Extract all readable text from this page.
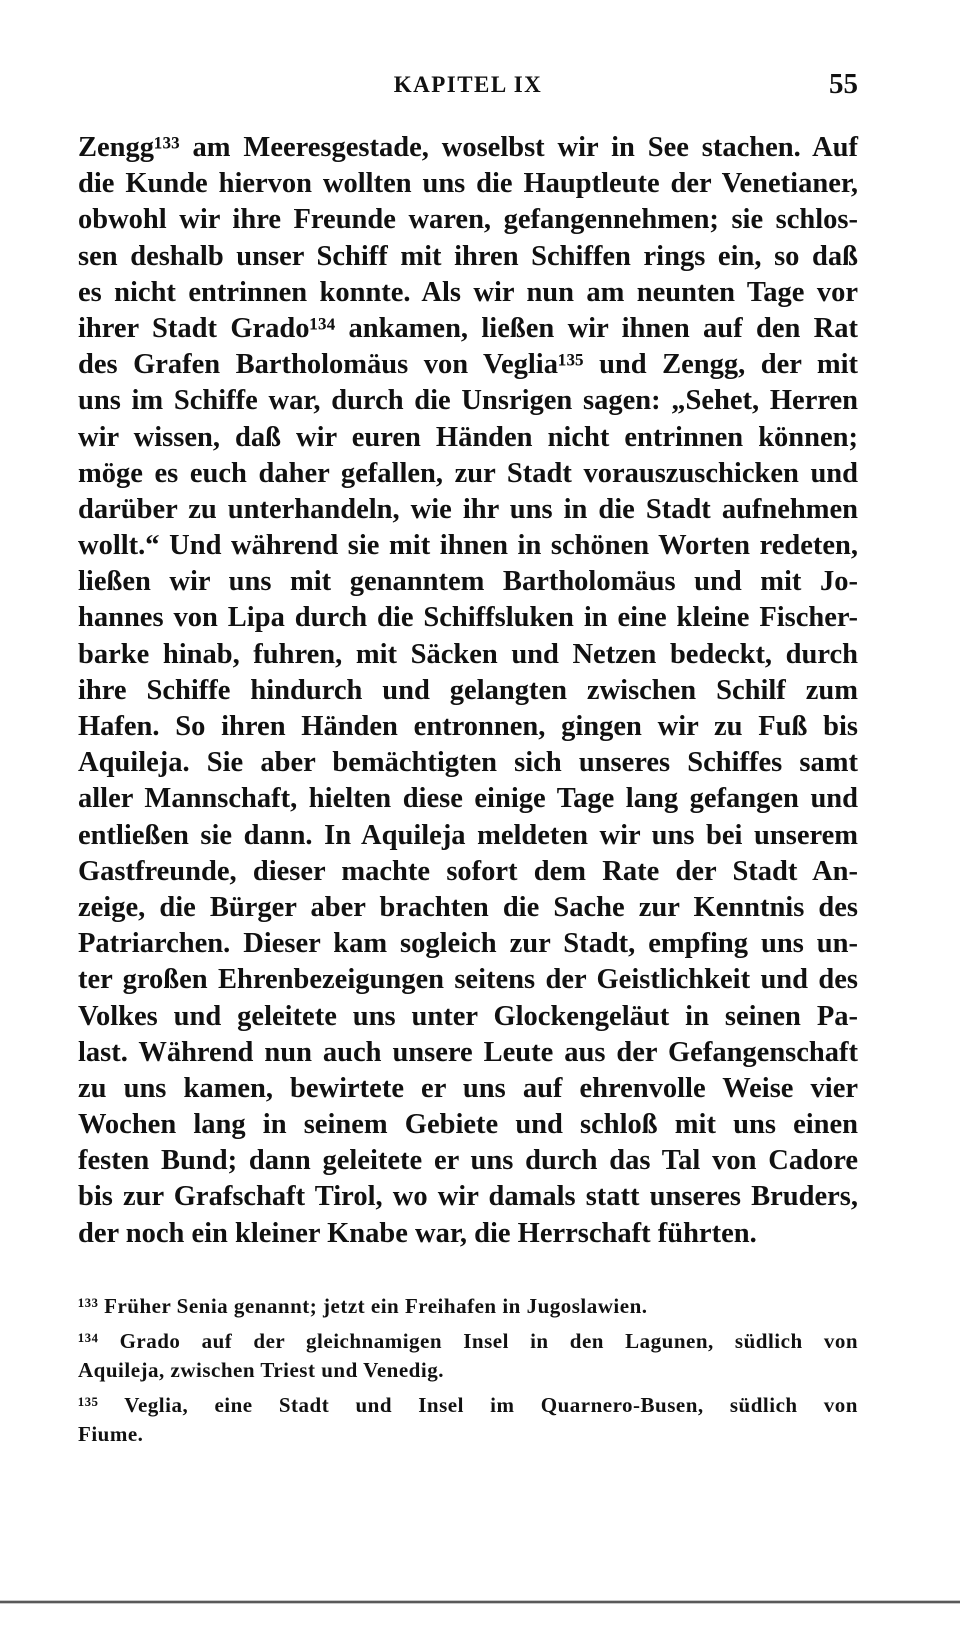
KAPITEL IX	55
Zengg¹³³ am Meeresgestade, woselbst wir in See stachen. Auf
die Kunde hiervon wollten uns die Hauptleute der Venetianer,
obwohl wir ihre Freunde waren, gefangennehmen; sie schlos-
sen deshalb unser Schiff mit ihren Schiffen rings ein, so daß
es nicht entrinnen konnte. Als wir nun am neunten Tage vor
ihrer Stadt Grado¹³⁴ ankamen, ließen wir ihnen auf den Rat
des Grafen Bartholomäus von Veglia¹³⁵ und Zengg, der mit
uns im Schiffe war, durch die Unsrigen sagen: „Sehet, Herren
wir wissen, daß wir euren Händen nicht entrinnen können;
möge es euch daher gefallen, zur Stadt vorauszuschicken und
darüber zu unterhandeln, wie ihr uns in die Stadt aufnehmen
wollt.“ Und während sie mit ihnen in schönen Worten redeten,
ließen wir uns mit genanntem Bartholomäus und mit Jo-
hannes von Lipa durch die Schiffsluken in eine kleine Fischer-
barke hinab, fuhren, mit Säcken und Netzen bedeckt, durch
ihre Schiffe hindurch und gelangten zwischen Schilf zum
Hafen. So ihren Händen entronnen, gingen wir zu Fuß bis
Aquileja. Sie aber bemächtigten sich unseres Schiffes samt
aller Mannschaft, hielten diese einige Tage lang gefangen und
entließen sie dann. In Aquileja meldeten wir uns bei unserem
Gastfreunde, dieser machte sofort dem Rate der Stadt An-
zeige, die Bürger aber brachten die Sache zur Kenntnis des
Patriarchen. Dieser kam sogleich zur Stadt, empfing uns un-
ter großen Ehrenbezeigungen seitens der Geistlichkeit und des
Volkes und geleitete uns unter Glockengeläut in seinen Pa-
last. Während nun auch unsere Leute aus der Gefangenschaft
zu uns kamen, bewirtete er uns auf ehrenvolle Weise vier
Wochen lang in seinem Gebiete und schloß mit uns einen
festen Bund; dann geleitete er uns durch das Tal von Cadore
bis zur Grafschaft Tirol, wo wir damals statt unseres Bruders,
der noch ein kleiner Knabe war, die Herrschaft führten.
¹³³ Früher Senia genannt; jetzt ein Freihafen in Jugoslawien.
¹³⁴ Grado auf der gleichnamigen Insel in den Lagunen, südlich von
Aquileja, zwischen Triest und Venedig.
¹³⁵ Veglia, eine Stadt und Insel im Quarnero-Busen, südlich von
Fiume.
